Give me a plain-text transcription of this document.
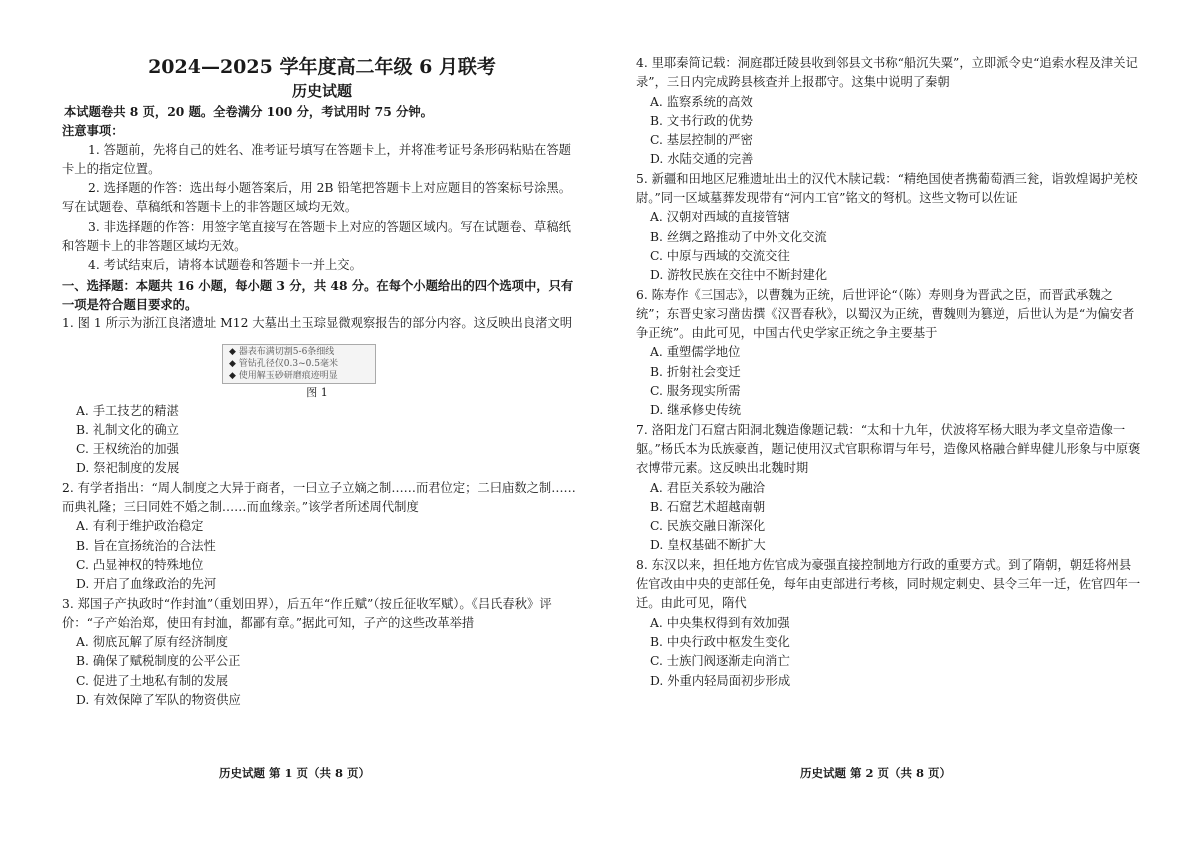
2024—2025 学年度高二年级 6 月联考
历史试题
本试题卷共 8 页，20 题。全卷满分 100 分，考试用时 75 分钟。
注意事项：

1. 答题前，先将自己的姓名、准考证号填写在答题卡上，并将准考证号条形码粘贴在答题卡上的指定位置。

2. 选择题的作答：选出每小题答案后，用 2B 铅笔把答题卡上对应题目的答案标号涂黑。写在试题卷、草稿纸和答题卡上的非答题区域均无效。

3. 非选择题的作答：用签字笔直接写在答题卡上对应的答题区域内。写在试题卷、草稿纸和答题卡上的非答题区域均无效。

4. 考试结束后，请将本试题卷和答题卡一并上交。

一、选择题：本题共 16 小题，每小题 3 分，共 48 分。在每个小题给出的四个选项中，只有一项是符合题目要求的。

1. 图 1 所示为浙江良渚遗址 M12 大墓出土玉琮显微观察报告的部分内容。这反映出良渚文明

◆ 器表布满切割5-6条细线
◆ 管钻孔径仅0.3~0.5毫米
◆ 使用解玉砂研磨痕迹明显
图 1
A. 手工技艺的精湛
B. 礼制文化的确立
C. 王权统治的加强
D. 祭祀制度的发展

2. 有学者指出：“周人制度之大异于商者，一曰立子立嫡之制……而君位定；二曰庙数之制……而典礼隆；三曰同姓不婚之制……而血缘亲。”该学者所述周代制度

A. 有利于维护政治稳定
B. 旨在宣扬统治的合法性
C. 凸显神权的特殊地位
D. 开启了血缘政治的先河

3. 郑国子产执政时“作封洫”（重划田界），后五年“作丘赋”（按丘征收军赋）。《吕氏春秋》评价：“子产始治郑，使田有封洫，都鄙有章。”据此可知，子产的这些改革举措

A. 彻底瓦解了原有经济制度
B. 确保了赋税制度的公平公正
C. 促进了土地私有制的发展
D. 有效保障了军队的物资供应

4. 里耶秦简记载：洞庭郡迁陵县收到邻县文书称“船沉失粟”，立即派令史“追索水程及津关记录”，三日内完成跨县核查并上报郡守。这集中说明了秦朝

A. 监察系统的高效
B. 文书行政的优势
C. 基层控制的严密
D. 水陆交通的完善

5. 新疆和田地区尼雅遗址出土的汉代木牍记载：“精绝国使者携葡萄酒三瓮，诣敦煌谒护羌校尉。”同一区域墓葬发现带有“河内工官”铭文的弩机。这些文物可以佐证

A. 汉朝对西域的直接管辖
B. 丝绸之路推动了中外文化交流
C. 中原与西域的交流交往
D. 游牧民族在交往中不断封建化

6. 陈寿作《三国志》，以曹魏为正统，后世评论“（陈）寿则身为晋武之臣，而晋武承魏之统”；东晋史家习凿齿撰《汉晋春秋》，以蜀汉为正统，曹魏则为篡逆，后世认为是“为偏安者争正统”。由此可见，中国古代史学家正统之争主要基于

A. 重塑儒学地位
B. 折射社会变迁
C. 服务现实所需
D. 继承修史传统

7. 洛阳龙门石窟古阳洞北魏造像题记载：“太和十九年，伏波将军杨大眼为孝文皇帝造像一躯。”杨氏本为氐族豪酋，题记使用汉式官职称谓与年号，造像风格融合鲜卑健儿形象与中原褒衣博带元素。这反映出北魏时期

A. 君臣关系较为融洽
B. 石窟艺术超越南朝
C. 民族交融日渐深化
D. 皇权基础不断扩大

8. 东汉以来，担任地方佐官成为豪强直接控制地方行政的重要方式。到了隋朝，朝廷将州县佐官改由中央的吏部任免，每年由吏部进行考核，同时规定刺史、县令三年一迁，佐官四年一迁。由此可见，隋代

A. 中央集权得到有效加强
B. 中央行政中枢发生变化
C. 士族门阀逐渐走向消亡
D. 外重内轻局面初步形成
历史试题 第 1 页（共 8 页）	历史试题 第 2 页（共 8 页）
